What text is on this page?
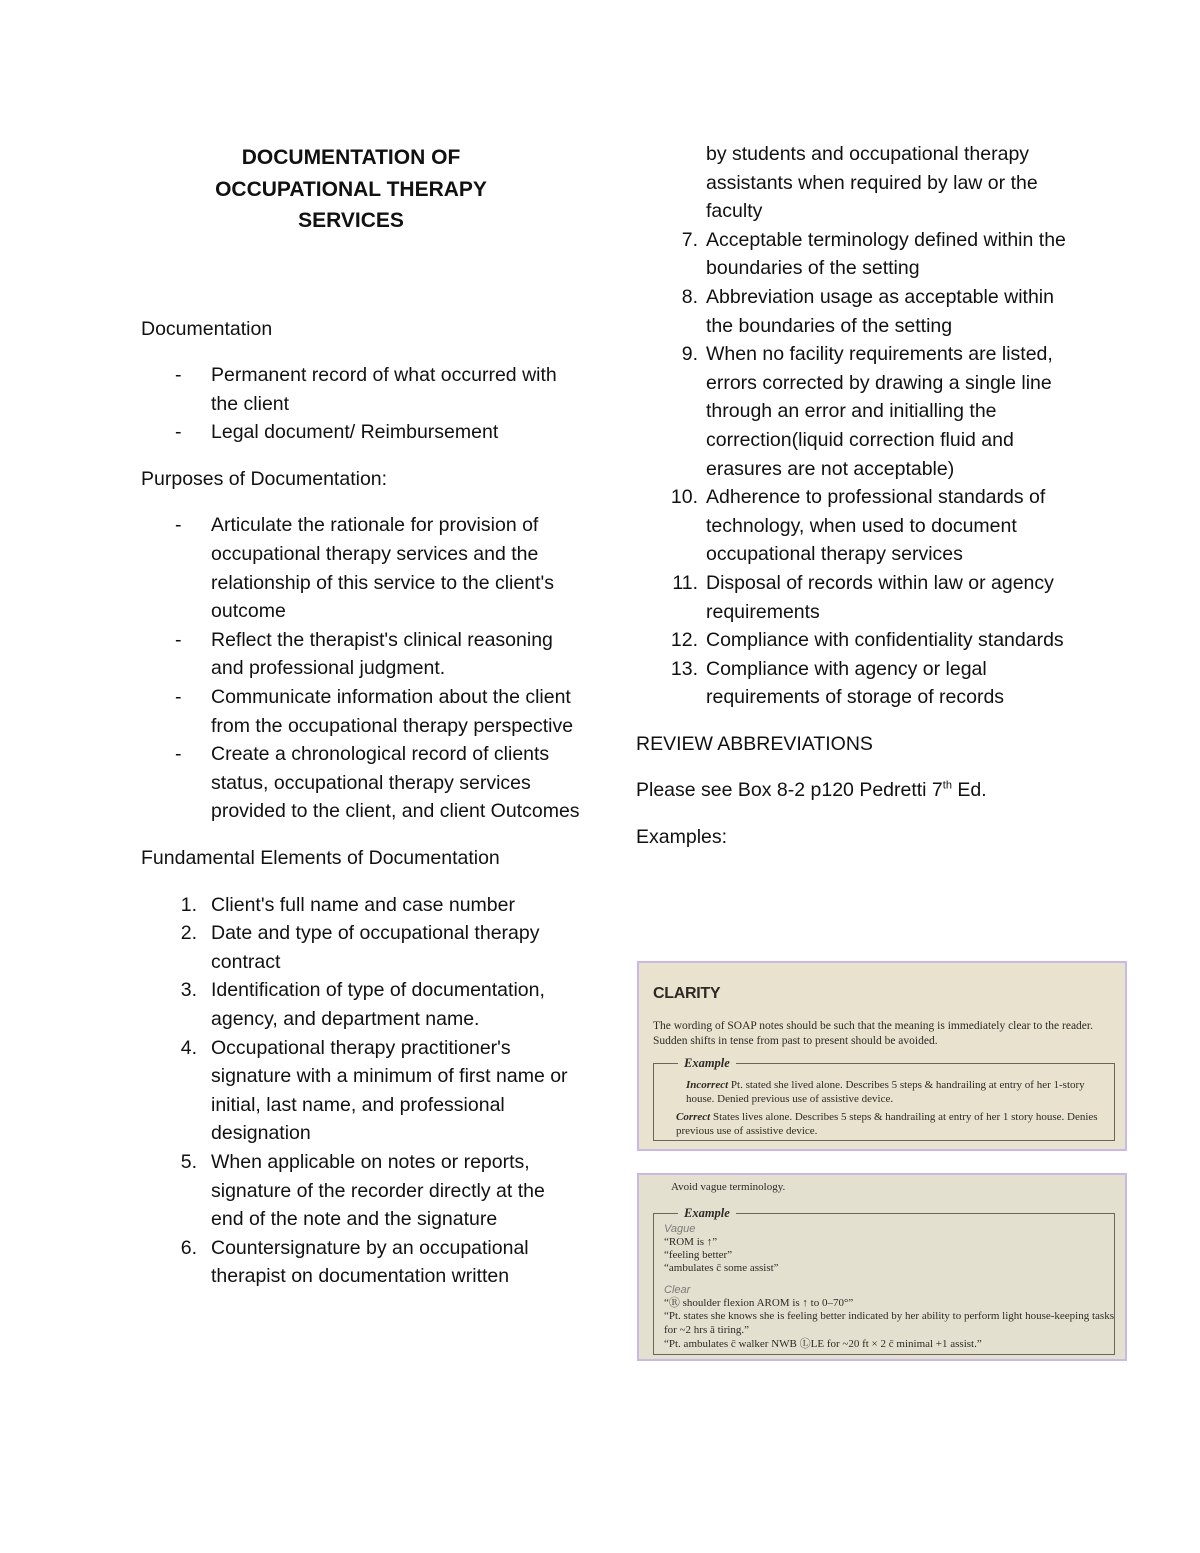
DOCUMENTATION OF
OCCUPATIONAL THERAPY
SERVICES

Documentation

- Permanent record of what occurred with the client
- Legal document/ Reimbursement

Purposes of Documentation:

- Articulate the rationale for provision of occupational therapy services and the relationship of this service to the client's outcome
- Reflect the therapist's clinical reasoning and professional judgment.
- Communicate information about the client from the occupational therapy perspective
- Create a chronological record of clients status, occupational therapy services provided to the client, and client Outcomes

Fundamental Elements of Documentation

1. Client's full name and case number
2. Date and type of occupational therapy contract
3. Identification of type of documentation, agency, and department name.
4. Occupational therapy practitioner's signature with a minimum of first name or initial, last name, and professional designation
5. When applicable on notes or reports, signature of the recorder directly at the end of the note and the signature
6. Countersignature by an occupational therapist on documentation written
by students and occupational therapy assistants when required by law or the faculty
7. Acceptable terminology defined within the boundaries of the setting
8. Abbreviation usage as acceptable within the boundaries of the setting
9. When no facility requirements are listed, errors corrected by drawing a single line through an error and initialling the correction(liquid correction fluid and erasures are not acceptable)
10. Adherence to professional standards of technology, when used to document occupational therapy services
11. Disposal of records within law or agency requirements
12. Compliance with confidentiality standards
13. Compliance with agency or legal requirements of storage of records

REVIEW ABBREVIATIONS

Please see Box 8-2 p120 Pedretti 7th Ed.

Examples:

CLARITY
The wording of SOAP notes should be such that the meaning is immediately clear to the reader. Sudden shifts in tense from past to present should be avoided.
Example
Incorrect Pt. stated she lived alone. Describes 5 steps & handrailing at entry of her 1-story house. Denied previous use of assistive device.
Correct States lives alone. Describes 5 steps & handrailing at entry of her 1 story house. Denies previous use of assistive device.
Avoid vague terminology.
Example
Vague
“ROM is ↑”
“feeling better”
“ambulates c̄ some assist”
Clear
“Ⓡ shoulder flexion AROM is ↑ to 0–70°”
“Pt. states she knows she is feeling better indicated by her ability to perform light house-keeping tasks for ~2 hrs ā tiring.”
“Pt. ambulates c̄ walker NWB ⓁLE for ~20 ft × 2 c̄ minimal +1 assist.”
